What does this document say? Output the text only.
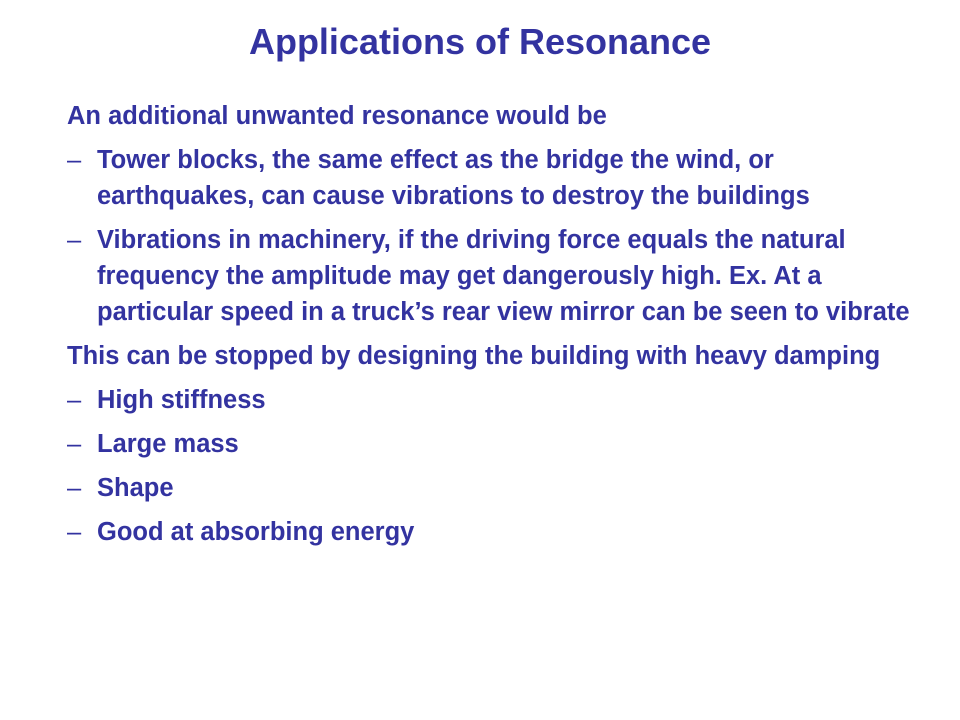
Applications of Resonance

An additional unwanted resonance would be

– Tower blocks, the same effect as the bridge the wind, or earthquakes, can cause vibrations to destroy the buildings
– Vibrations in machinery, if the driving force equals the natural frequency the amplitude may get dangerously high. Ex. At a particular speed in a truck’s rear view mirror can be seen to vibrate

This can be stopped by designing the building with heavy damping

– High stiffness
– Large mass
– Shape
– Good at absorbing energy
